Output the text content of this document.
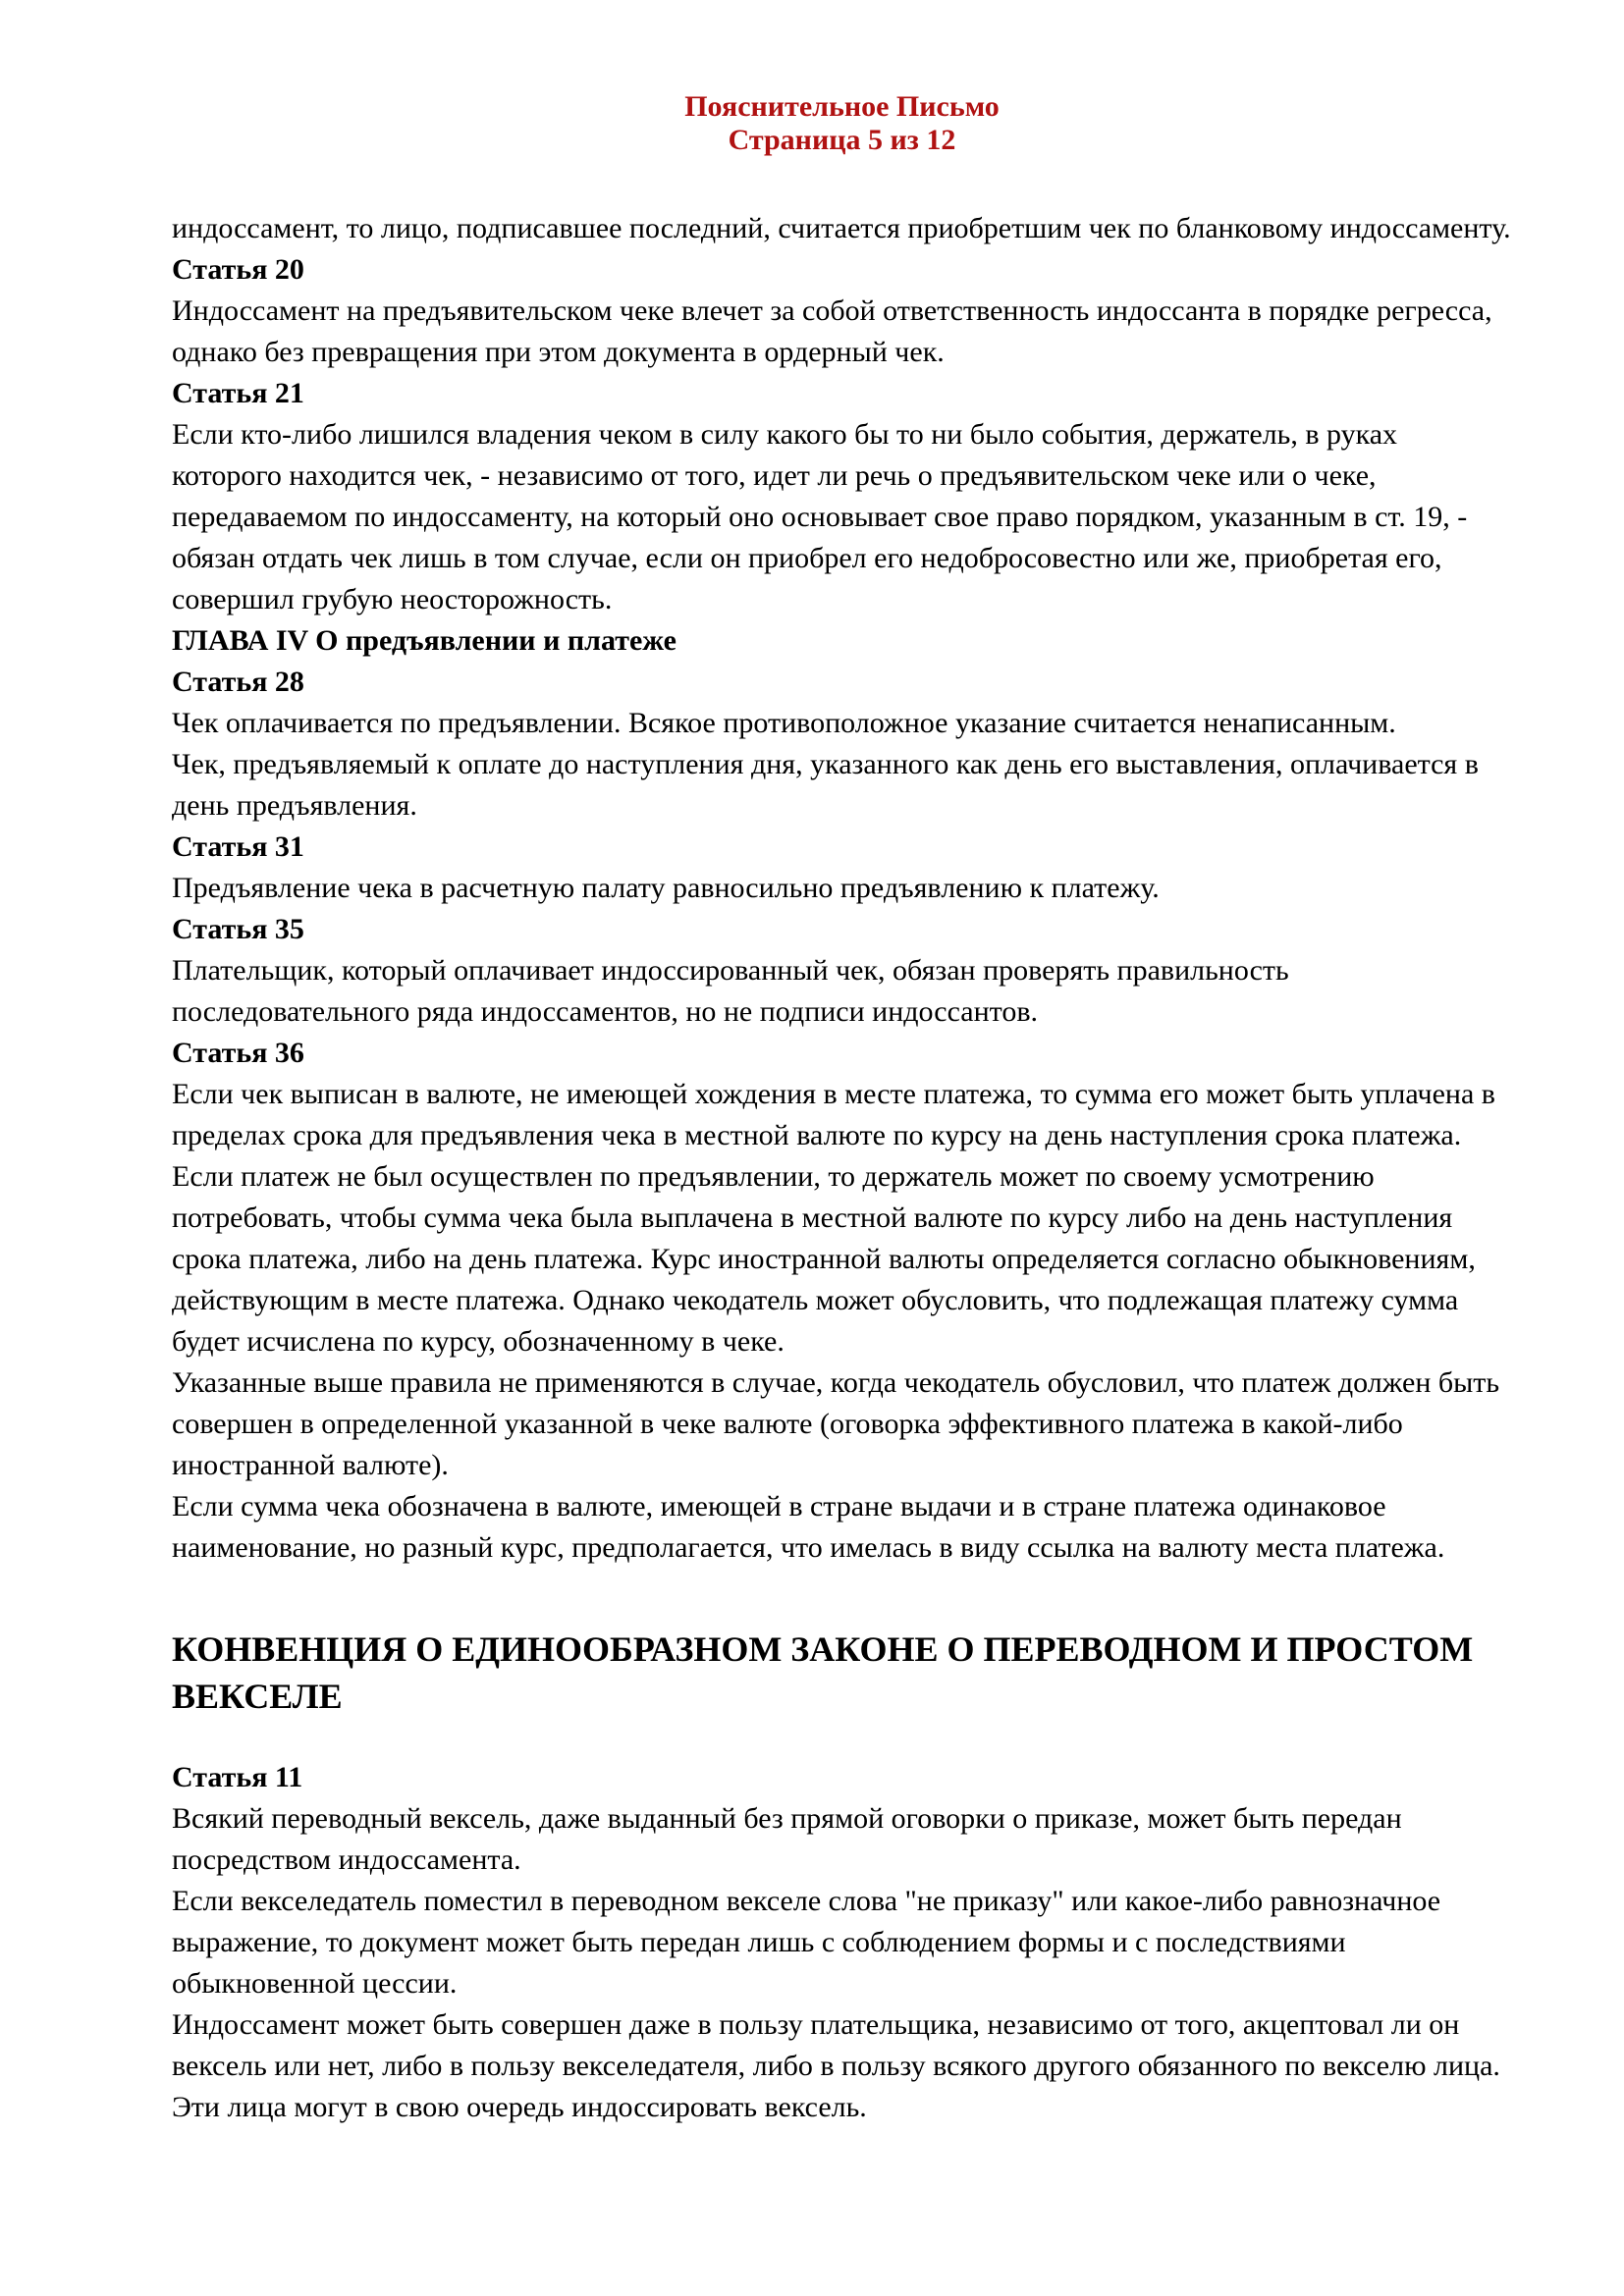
Пояснительное Письмо
Страница 5 из 12

индоссамент, то лицо, подписавшее последний, считается приобретшим чек по бланковому индоссаменту.

Статья 20

Индоссамент на предъявительском чеке влечет за собой ответственность индоссанта в порядке регресса, однако без превращения при этом документа в ордерный чек.

Статья 21

Если кто-либо лишился владения чеком в силу какого бы то ни было события, держатель, в руках которого находится чек, - независимо от того, идет ли речь о предъявительском чеке или о чеке, передаваемом по индоссаменту, на который оно основывает свое право порядком, указанным в ст. 19, - обязан отдать чек лишь в том случае, если он приобрел его недобросовестно или же, приобретая его, совершил грубую неосторожность.

ГЛАВА IV О предъявлении и платеже

Статья 28

Чек оплачивается по предъявлении. Всякое противоположное указание считается ненаписанным.

Чек, предъявляемый к оплате до наступления дня, указанного как день его выставления, оплачивается в день предъявления.

Статья 31

Предъявление чека в расчетную палату равносильно предъявлению к платежу.

Статья 35

Плательщик, который оплачивает индоссированный чек, обязан проверять правильность последовательного ряда индоссаментов, но не подписи индоссантов.

Статья 36

Если чек выписан в валюте, не имеющей хождения в месте платежа, то сумма его может быть уплачена в пределах срока для предъявления чека в местной валюте по курсу на день наступления срока платежа. Если платеж не был осуществлен по предъявлении, то держатель может по своему усмотрению потребовать, чтобы сумма чека была выплачена в местной валюте по курсу либо на день наступления срока платежа, либо на день платежа. Курс иностранной валюты определяется согласно обыкновениям, действующим в месте платежа. Однако чекодатель может обусловить, что подлежащая платежу сумма будет исчислена по курсу, обозначенному в чеке.

Указанные выше правила не применяются в случае, когда чекодатель обусловил, что платеж должен быть совершен в определенной указанной в чеке валюте (оговорка эффективного платежа в какой-либо иностранной валюте).

Если сумма чека обозначена в валюте, имеющей в стране выдачи и в стране платежа одинаковое наименование, но разный курс, предполагается, что имелась в виду ссылка на валюту места платежа.

КОНВЕНЦИЯ О ЕДИНООБРАЗНОМ ЗАКОНЕ О ПЕРЕВОДНОМ И ПРОСТОМ ВЕКСЕЛЕ

Статья 11

Всякий переводный вексель, даже выданный без прямой оговорки о приказе, может быть передан посредством индоссамента.

Если векселедатель поместил в переводном векселе слова "не приказу" или какое-либо равнозначное выражение, то документ может быть передан лишь с соблюдением формы и с последствиями обыкновенной цессии.

Индоссамент может быть совершен даже в пользу плательщика, независимо от того, акцептовал ли он вексель или нет, либо в пользу векселедателя, либо в пользу всякого другого обязанного по векселю лица. Эти лица могут в свою очередь индоссировать вексель.
